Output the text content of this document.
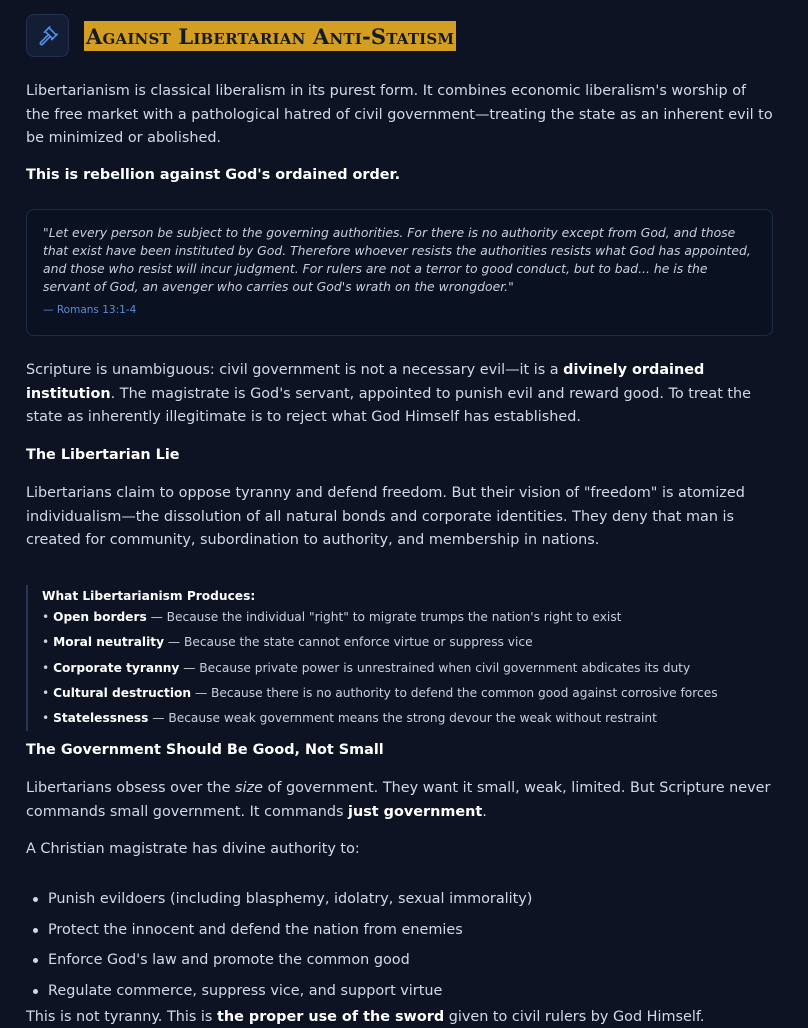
Against Libertarian Anti-Statism

Libertarianism is classical liberalism in its purest form. It combines economic liberalism's worship of the free market with a pathological hatred of civil government—treating the state as an inherent evil to be minimized or abolished.

This is rebellion against God's ordained order.

"Let every person be subject to the governing authorities. For there is no authority except from God, and those that exist have been instituted by God. Therefore whoever resists the authorities resists what God has appointed, and those who resist will incur judgment. For rulers are not a terror to good conduct, but to bad... he is the servant of God, an avenger who carries out God's wrath on the wrongdoer."
— Romans 13:1-4

Scripture is unambiguous: civil government is not a necessary evil—it is a divinely ordained institution. The magistrate is God's servant, appointed to punish evil and reward good. To treat the state as inherently illegitimate is to reject what God Himself has established.

The Libertarian Lie

Libertarians claim to oppose tyranny and defend freedom. But their vision of "freedom" is atomized individualism—the dissolution of all natural bonds and corporate identities. They deny that man is created for community, subordination to authority, and membership in nations.

What Libertarianism Produces:
• Open borders — Because the individual "right" to migrate trumps the nation's right to exist
• Moral neutrality — Because the state cannot enforce virtue or suppress vice
• Corporate tyranny — Because private power is unrestrained when civil government abdicates its duty
• Cultural destruction — Because there is no authority to defend the common good against corrosive forces
• Statelessness — Because weak government means the strong devour the weak without restraint

The Government Should Be Good, Not Small

Libertarians obsess over the size of government. They want it small, weak, limited. But Scripture never commands small government. It commands just government.

A Christian magistrate has divine authority to:

Punish evildoers (including blasphemy, idolatry, sexual immorality)
Protect the innocent and defend the nation from enemies
Enforce God's law and promote the common good
Regulate commerce, suppress vice, and support virtue

This is not tyranny. This is the proper use of the sword given to civil rulers by God Himself.
